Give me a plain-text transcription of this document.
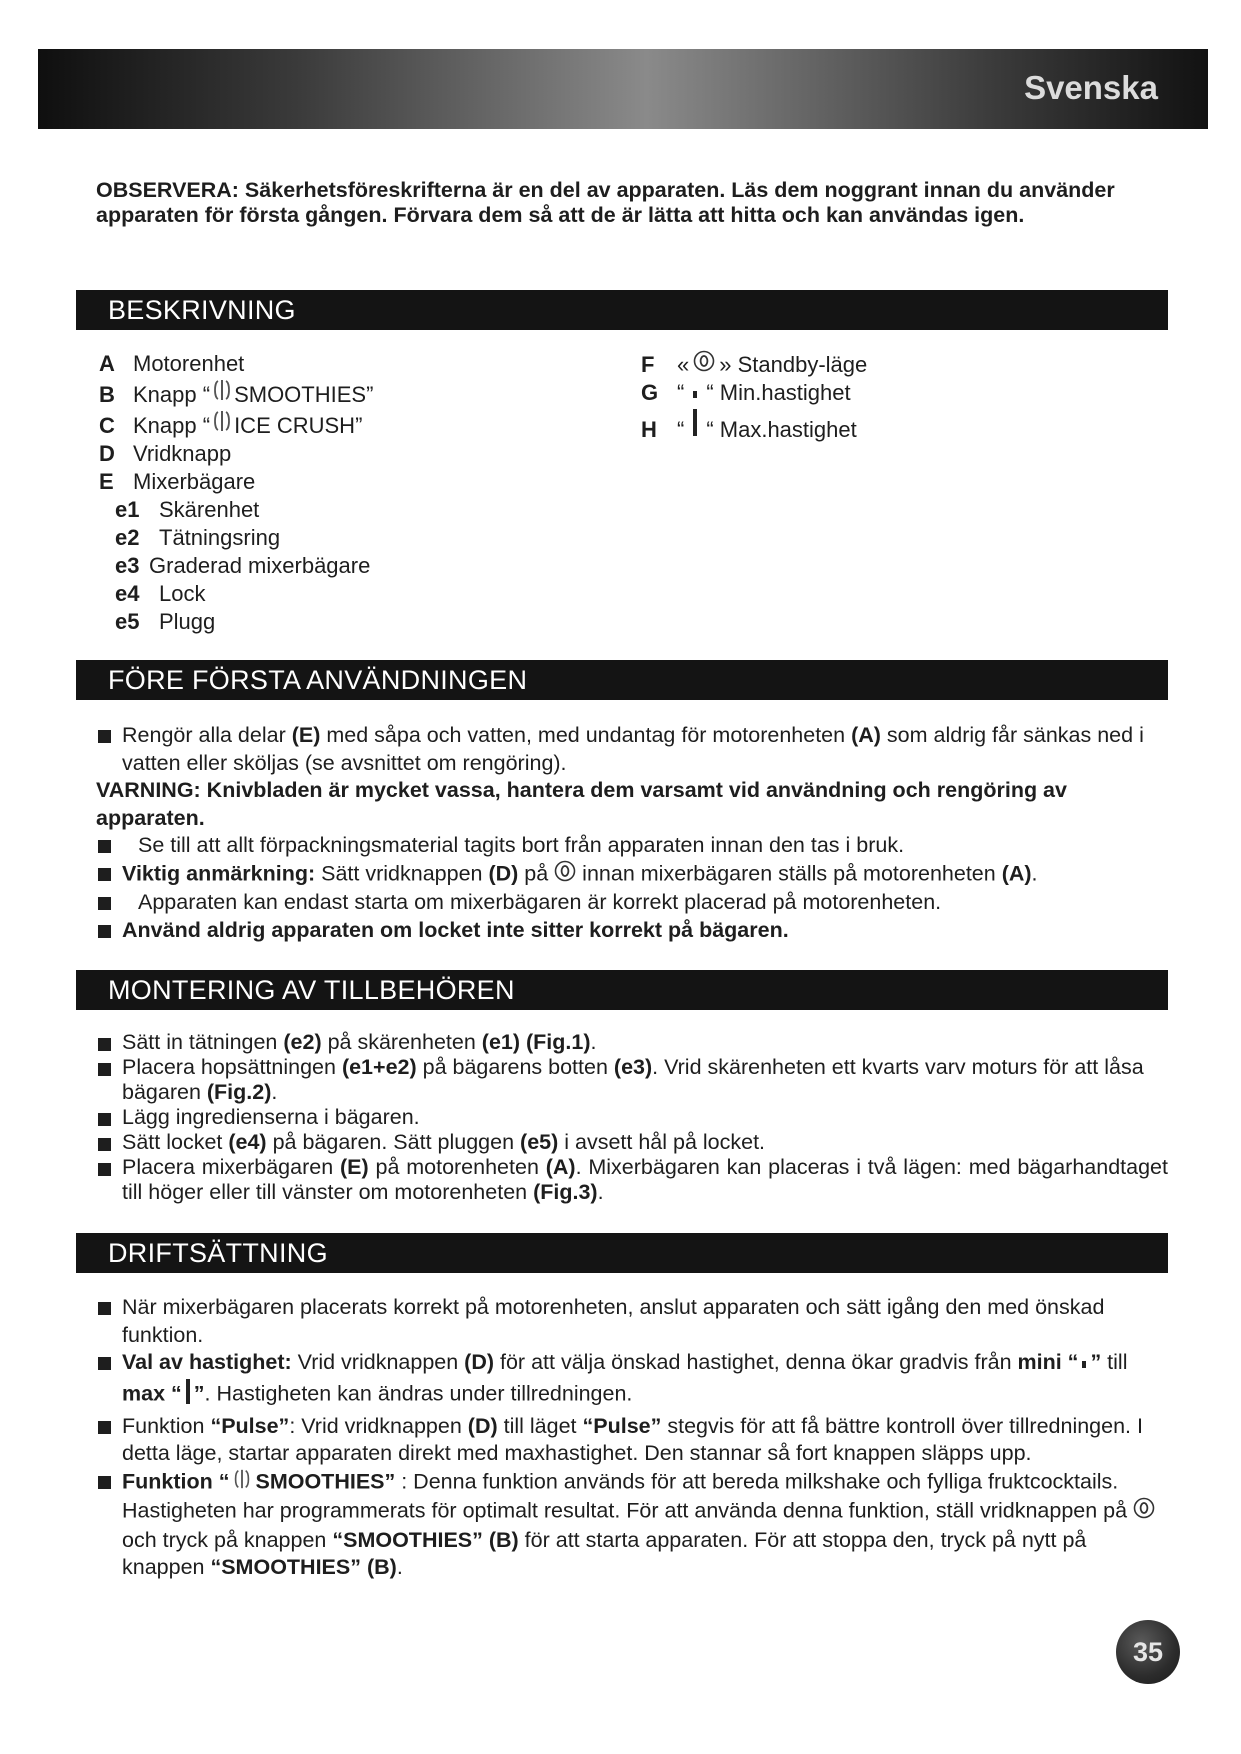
Svenska
OBSERVERA: Säkerhetsföreskrifterna är en del av apparaten. Läs dem noggrant innan du använder apparaten för första gången. Förvara dem så att de är lätta att hitta och kan användas igen.
BESKRIVNING
A Motorenhet
B Knapp “ SMOOTHIES”
C Knapp “ ICE CRUSH”
D Vridknapp
E Mixerbägare
e1 Skärenhet
e2 Tätningsring
e3 Graderad mixerbägare
e4 Lock
e5 Plugg
F	« » Standby-läge
G “ “ Min.hastighet
H “ “ Max.hastighet
FÖRE FÖRSTA ANVÄNDNINGEN
Rengör alla delar (E) med såpa och vatten, med undantag för motorenheten (A) som aldrig får sänkas ned i vatten eller sköljas (se avsnittet om rengöring).
VARNING: Knivbladen är mycket vassa, hantera dem varsamt vid användning och rengöring av apparaten.
Se till att allt förpackningsmaterial tagits bort från apparaten innan den tas i bruk.
Viktig anmärkning: Sätt vridknappen (D) på  innan mixerbägaren ställs på motorenheten (A).
Apparaten kan endast starta om mixerbägaren är korrekt placerad på motorenheten.
Använd aldrig apparaten om locket inte sitter korrekt på bägaren.
MONTERING AV TILLBEHÖREN
Sätt in tätningen (e2) på skärenheten (e1) (Fig.1).
Placera hopsättningen (e1+e2) på bägarens botten (e3). Vrid skärenheten ett kvarts varv moturs för att låsa bägaren (Fig.2).
Lägg ingredienserna i bägaren.
Sätt locket (e4) på bägaren. Sätt pluggen (e5) i avsett hål på locket.
Placera mixerbägaren (E) på motorenheten (A). Mixerbägaren kan placeras i två lägen: med bägarhandtaget till höger eller till vänster om motorenheten (Fig.3).
DRIFTSÄTTNING
När mixerbägaren placerats korrekt på motorenheten, anslut apparaten och sätt igång den med önskad funktion.
Val av hastighet: Vrid vridknappen (D) för att välja önskad hastighet, denna ökar gradvis från mini “ ” till max “ ”. Hastigheten kan ändras under tillredningen.
Funktion “Pulse”: Vrid vridknappen (D) till läget “Pulse” stegvis för att få bättre kontroll över tillredningen. I detta läge, startar apparaten direkt med maxhastighet. Den stannar så fort knappen släpps upp.
Funktion “ SMOOTHIES” : Denna funktion används för att bereda milkshake och fylliga fruktcocktails. Hastigheten har programmerats för optimalt resultat. För att använda denna funktion, ställ vridknappen på  och tryck på knappen “SMOOTHIES” (B) för att starta apparaten. För att stoppa den, tryck på nytt på knappen “SMOOTHIES” (B).
35
